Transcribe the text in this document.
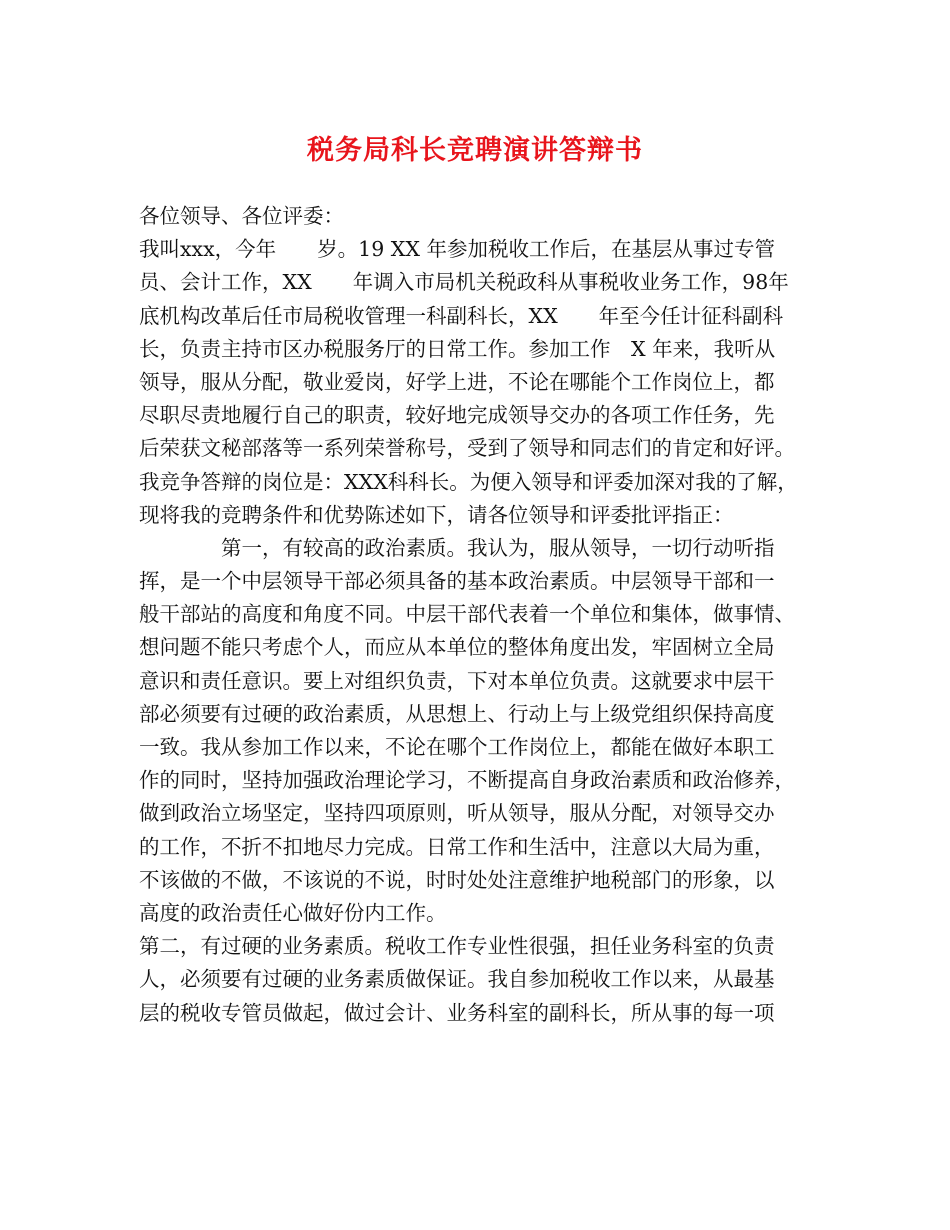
税务局科长竞聘演讲答辩书
各位领导、各位评委：
我叫xxx，今年　　岁。19 XX 年参加税收工作后，在基层从事过专管
员、会计工作，XX　　年调入市局机关税政科从事税收业务工作，98年
底机构改革后任市局税收管理一科副科长，XX　　年至今任计征科副科
长，负责主持市区办税服务厅的日常工作。参加工作　X 年来，我听从
领导，服从分配，敬业爱岗，好学上进，不论在哪能个工作岗位上，都
尽职尽责地履行自己的职责，较好地完成领导交办的各项工作任务，先
后荣获文秘部落等一系列荣誉称号，受到了领导和同志们的肯定和好评。
我竞争答辩的岗位是：XXX科科长。为便入领导和评委加深对我的了解，
现将我的竞聘条件和优势陈述如下，请各位领导和评委批评指正：
　　　　第一，有较高的政治素质。我认为，服从领导，一切行动听指
挥，是一个中层领导干部必须具备的基本政治素质。中层领导干部和一
般干部站的高度和角度不同。中层干部代表着一个单位和集体，做事情、
想问题不能只考虑个人，而应从本单位的整体角度出发，牢固树立全局
意识和责任意识。要上对组织负责，下对本单位负责。这就要求中层干
部必须要有过硬的政治素质，从思想上、行动上与上级党组织保持高度
一致。我从参加工作以来，不论在哪个工作岗位上，都能在做好本职工
作的同时，坚持加强政治理论学习，不断提高自身政治素质和政治修养，
做到政治立场坚定，坚持四项原则，听从领导，服从分配，对领导交办
的工作，不折不扣地尽力完成。日常工作和生活中，注意以大局为重，
不该做的不做，不该说的不说，时时处处注意维护地税部门的形象，以
高度的政治责任心做好份内工作。
第二，有过硬的业务素质。税收工作专业性很强，担任业务科室的负责
人，必须要有过硬的业务素质做保证。我自参加税收工作以来，从最基
层的税收专管员做起，做过会计、业务科室的副科长，所从事的每一项
